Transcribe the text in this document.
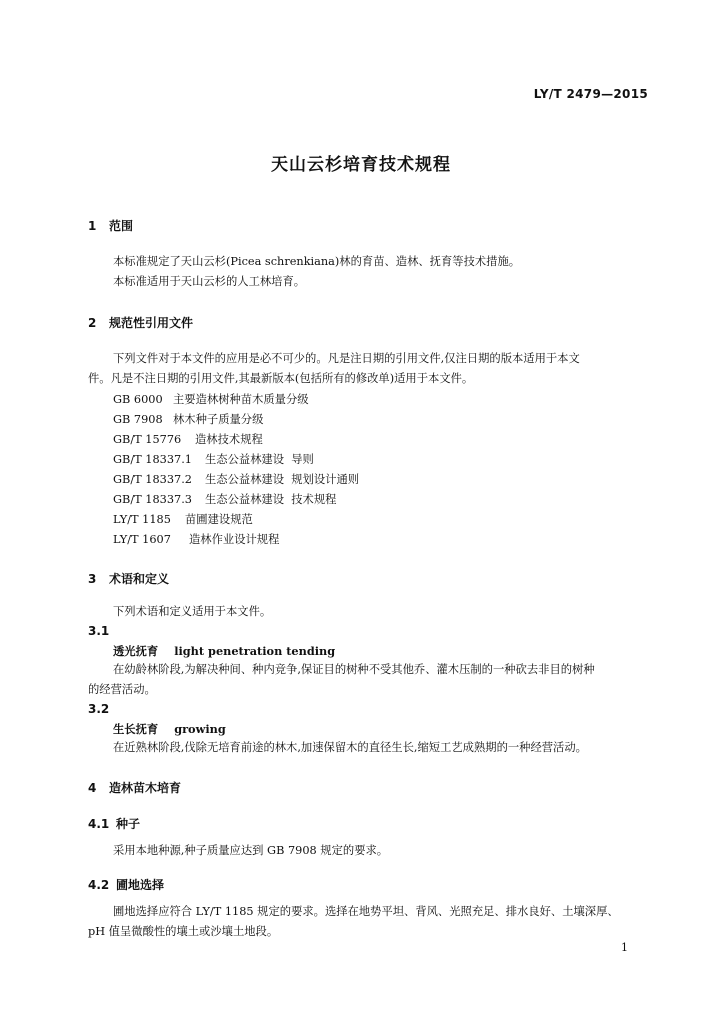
LY/T 2479—2015
天山云杉培育技术规程
1 范围

本标准规定了天山云杉(Picea schrenkiana)林的育苗、造林、抚育等技术措施。

本标准适用于天山云杉的人工林培育。

2 规范性引用文件

下列文件对于本文件的应用是必不可少的。凡是注日期的引用文件,仅注日期的版本适用于本文

件。凡是不注日期的引用文件,其最新版本(包括所有的修改单)适用于本文件。

GB 6000 主要造林树种苗木质量分级
GB 7908 林木种子质量分级
GB/T 15776 造林技术规程
GB/T 18337.1 生态公益林建设  导则
GB/T 18337.2 生态公益林建设  规划设计通则
GB/T 18337.3 生态公益林建设  技术规程
LY/T 1185 苗圃建设规范
LY/T 1607 造林作业设计规程
3 术语和定义

下列术语和定义适用于本文件。

3.1
透光抚育 light penetration tending

在幼龄林阶段,为解决种间、种内竞争,保证目的树种不受其他乔、灌木压制的一种砍去非目的树种

的经营活动。

3.2
生长抚育 growing

在近熟林阶段,伐除无培育前途的林木,加速保留木的直径生长,缩短工艺成熟期的一种经营活动。

4 造林苗木培育
4.1 种子

采用本地种源,种子质量应达到 GB 7908 规定的要求。

4.2 圃地选择

圃地选择应符合 LY/T 1185 规定的要求。选择在地势平坦、背风、光照充足、排水良好、土壤深厚、

pH 值呈微酸性的壤土或沙壤土地段。

1
